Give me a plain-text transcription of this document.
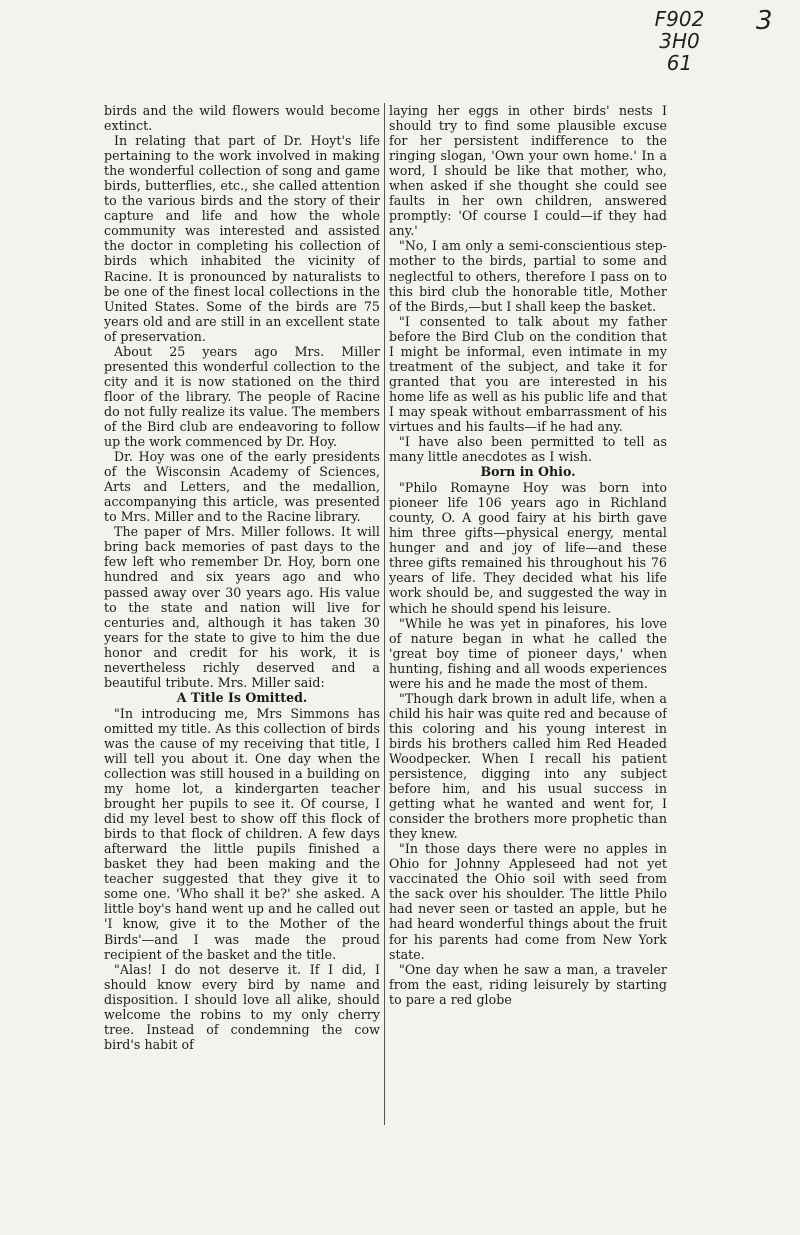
F902
3H0
61
3

birds and the wild flowers would become extinct.

In relating that part of Dr. Hoyt's life pertaining to the work involved in making the wonderful collection of song and game birds, butterflies, etc., she called attention to the various birds and the story of their capture and life and how the whole community was interested and assisted the doctor in completing his collection of birds which inhabited the vicinity of Racine. It is pronounced by naturalists to be one of the finest local collections in the United States. Some of the birds are 75 years old and are still in an excellent state of preservation.

About 25 years ago Mrs. Miller presented this wonderful collection to the city and it is now stationed on the third floor of the library. The people of Racine do not fully realize its value. The members of the Bird club are endeavoring to follow up the work commenced by Dr. Hoy.

Dr. Hoy was one of the early presidents of the Wisconsin Academy of Sciences, Arts and Letters, and the medallion, accompanying this article, was presented to Mrs. Miller and to the Racine library.

The paper of Mrs. Miller follows. It will bring back memories of past days to the few left who remember Dr. Hoy, born one hundred and six years ago and who passed away over 30 years ago. His value to the state and nation will live for centuries and, although it has taken 30 years for the state to give to him the due honor and credit for his work, it is nevertheless richly deserved and a beautiful tribute. Mrs. Miller said:

A Title Is Omitted.

"In introducing me, Mrs Simmons has omitted my title. As this collection of birds was the cause of my receiving that title, I will tell you about it. One day when the collection was still housed in a building on my home lot, a kindergarten teacher brought her pupils to see it. Of course, I did my level best to show off this flock of birds to that flock of children. A few days afterward the little pupils finished a basket they had been making and the teacher suggested that they give it to some one. 'Who shall it be?' she asked. A little boy's hand went up and he called out 'I know, give it to the Mother of the Birds'—and I was made the proud recipient of the basket and the title.

"Alas! I do not deserve it. If I did, I should know every bird by name and disposition. I should love all alike, should welcome the robins to my only cherry tree. Instead of condemning the cow bird's habit of

laying her eggs in other birds' nests I should try to find some plausible excuse for her persistent indifference to the ringing slogan, 'Own your own home.' In a word, I should be like that mother, who, when asked if she thought she could see faults in her own children, answered promptly: 'Of course I could—if they had any.'

"No, I am only a semi-conscientious step-mother to the birds, partial to some and neglectful to others, therefore I pass on to this bird club the honorable title, Mother of the Birds,—but I shall keep the basket.

"I consented to talk about my father before the Bird Club on the condition that I might be informal, even intimate in my treatment of the subject, and take it for granted that you are interested in his home life as well as his public life and that I may speak without embarrassment of his virtues and his faults—if he had any.

"I have also been permitted to tell as many little anecdotes as I wish.

Born in Ohio.

"Philo Romayne Hoy was born into pioneer life 106 years ago in Richland county, O. A good fairy at his birth gave him three gifts—physical energy, mental hunger and and joy of life—and these three gifts remained his throughout his 76 years of life. They decided what his life work should be, and suggested the way in which he should spend his leisure.

"While he was yet in pinafores, his love of nature began in what he called the 'great boy time of pioneer days,' when hunting, fishing and all woods experiences were his and he made the most of them.

"Though dark brown in adult life, when a child his hair was quite red and because of this coloring and his young interest in birds his brothers called him Red Headed Woodpecker. When I recall his patient persistence, digging into any subject before him, and his usual success in getting what he wanted and went for, I consider the brothers more prophetic than they knew.

"In those days there were no apples in Ohio for Johnny Appleseed had not yet vaccinated the Ohio soil with seed from the sack over his shoulder. The little Philo had never seen or tasted an apple, but he had heard wonderful things about the fruit for his parents had come from New York state.

"One day when he saw a man, a traveler from the east, riding leisurely by starting to pare a red globe
